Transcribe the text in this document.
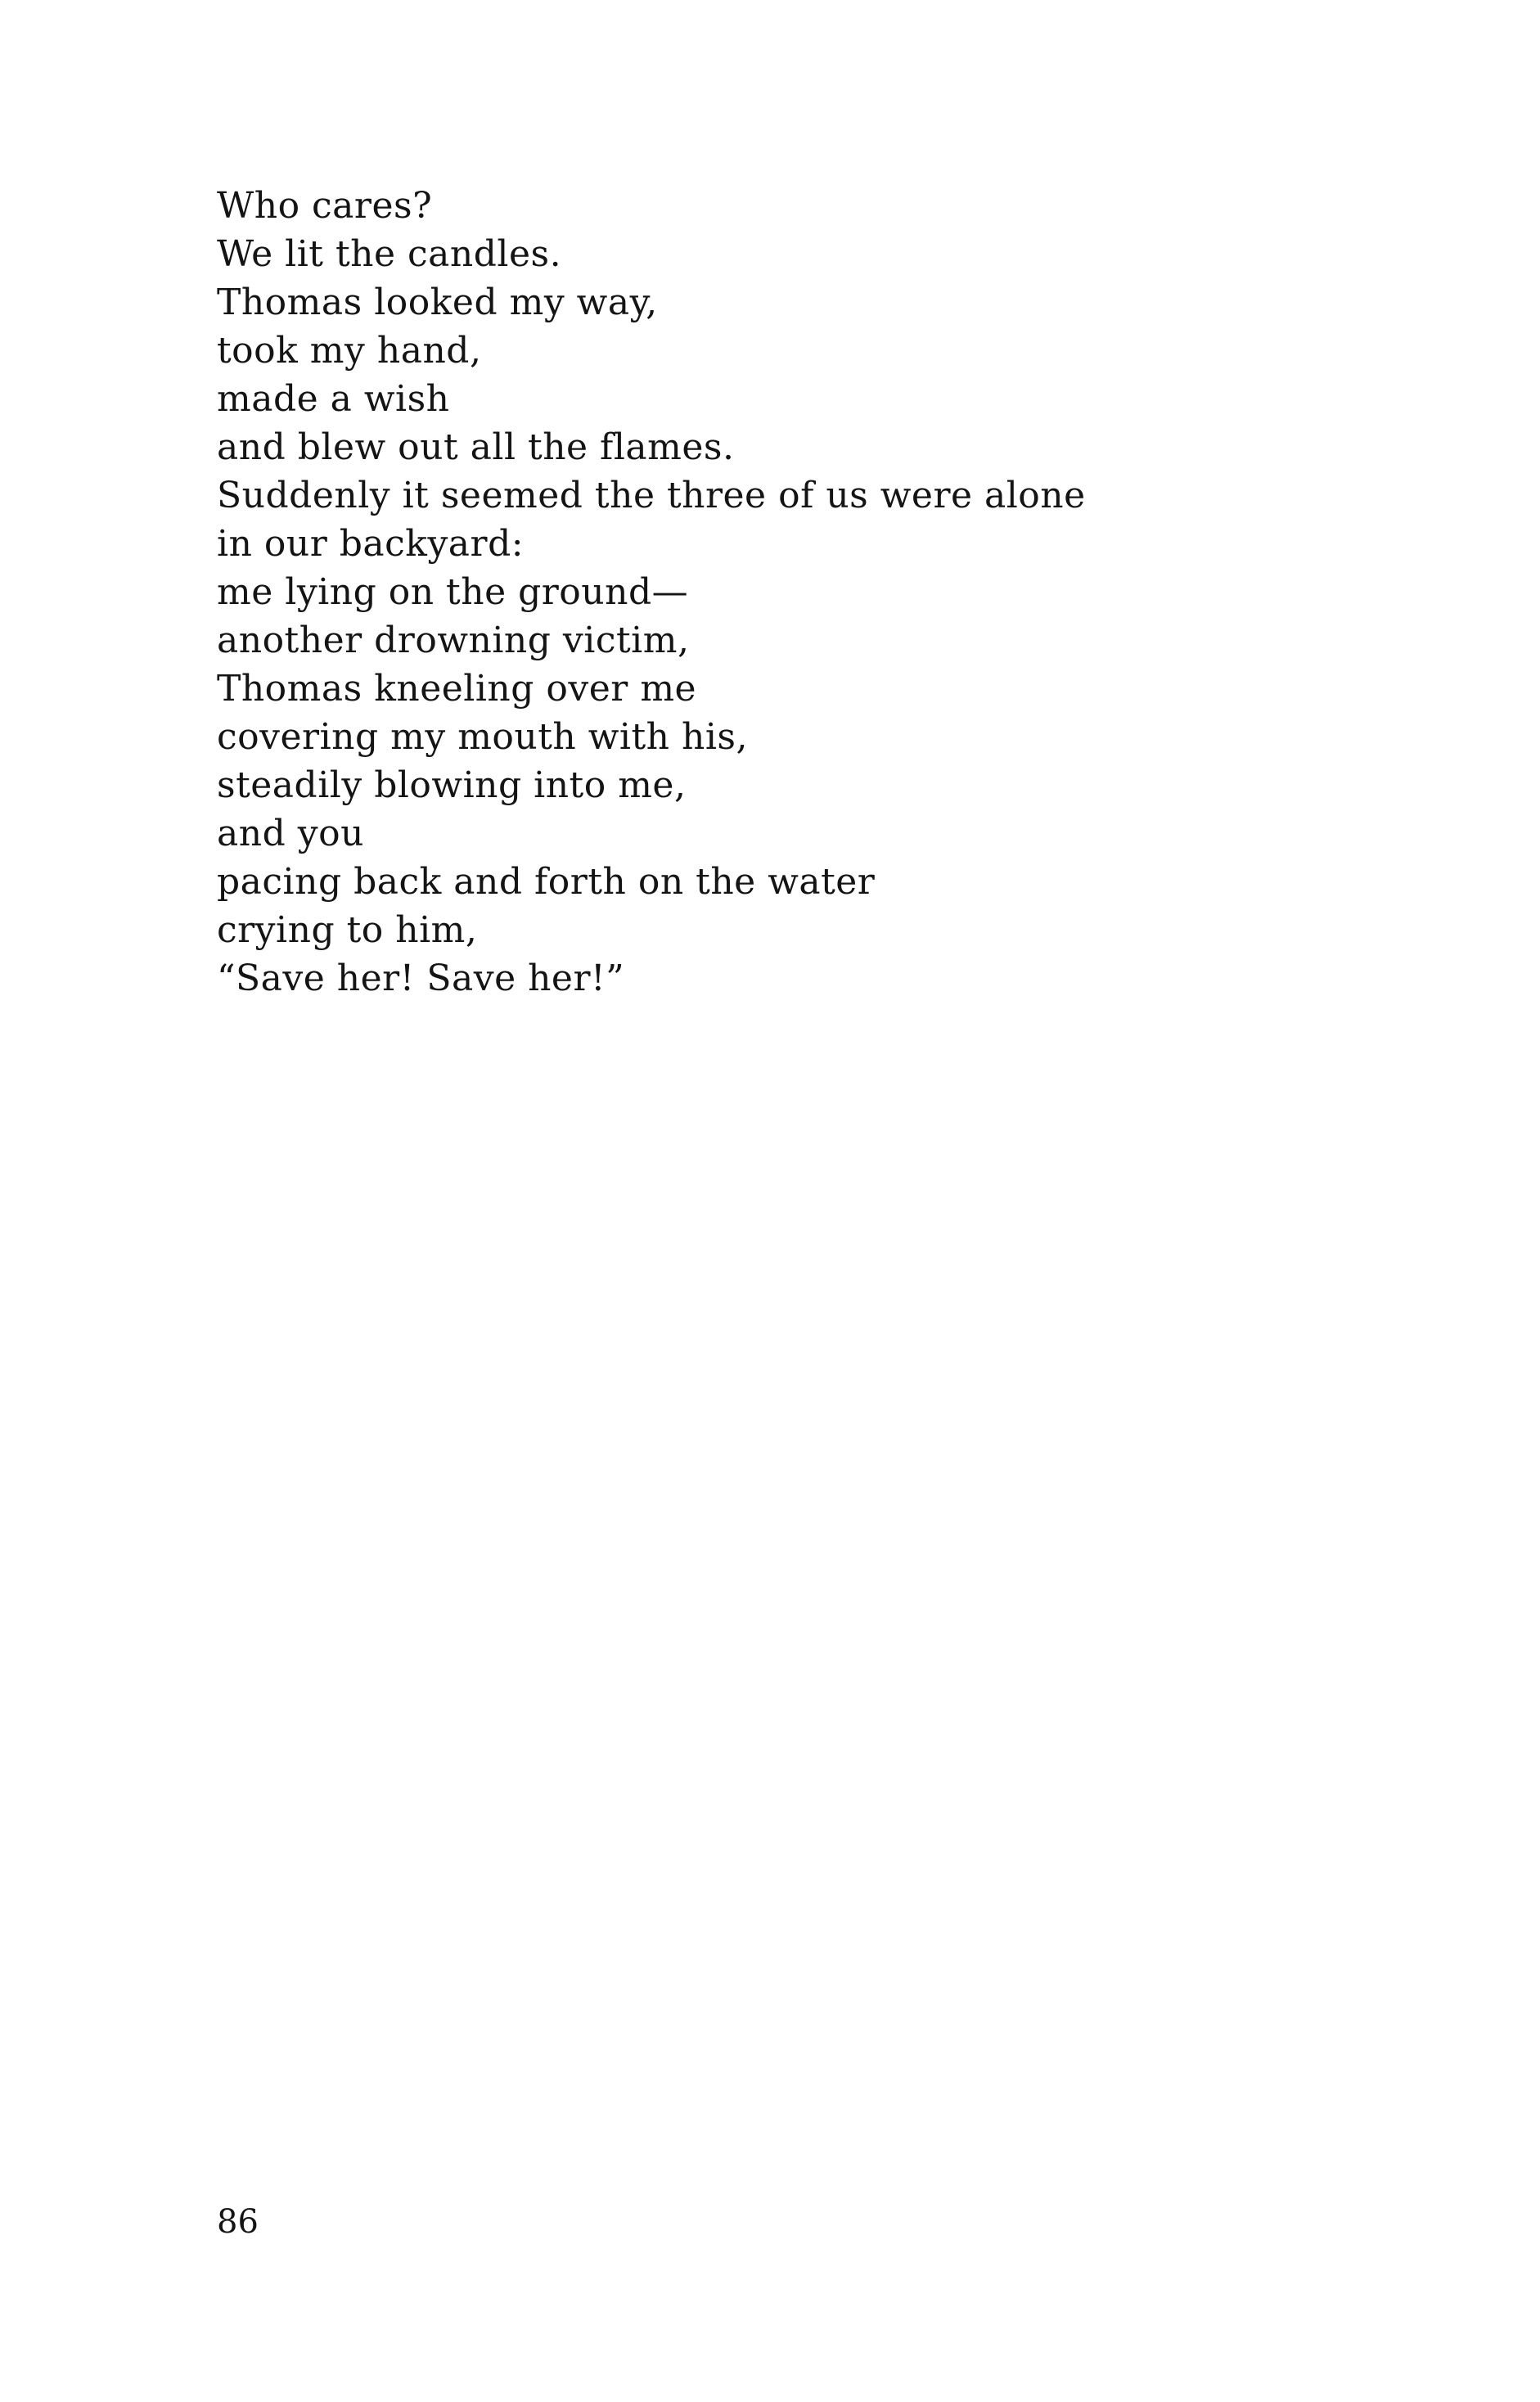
Who cares?
We lit the candles.
Thomas looked my way,
took my hand,
made a wish
and blew out all the flames.
Suddenly it seemed the three of us were alone
in our backyard:
me lying on the ground—
another drowning victim,
Thomas kneeling over me
covering my mouth with his,
steadily blowing into me,
and you
pacing back and forth on the water
crying to him,
“Save her! Save her!”
86
